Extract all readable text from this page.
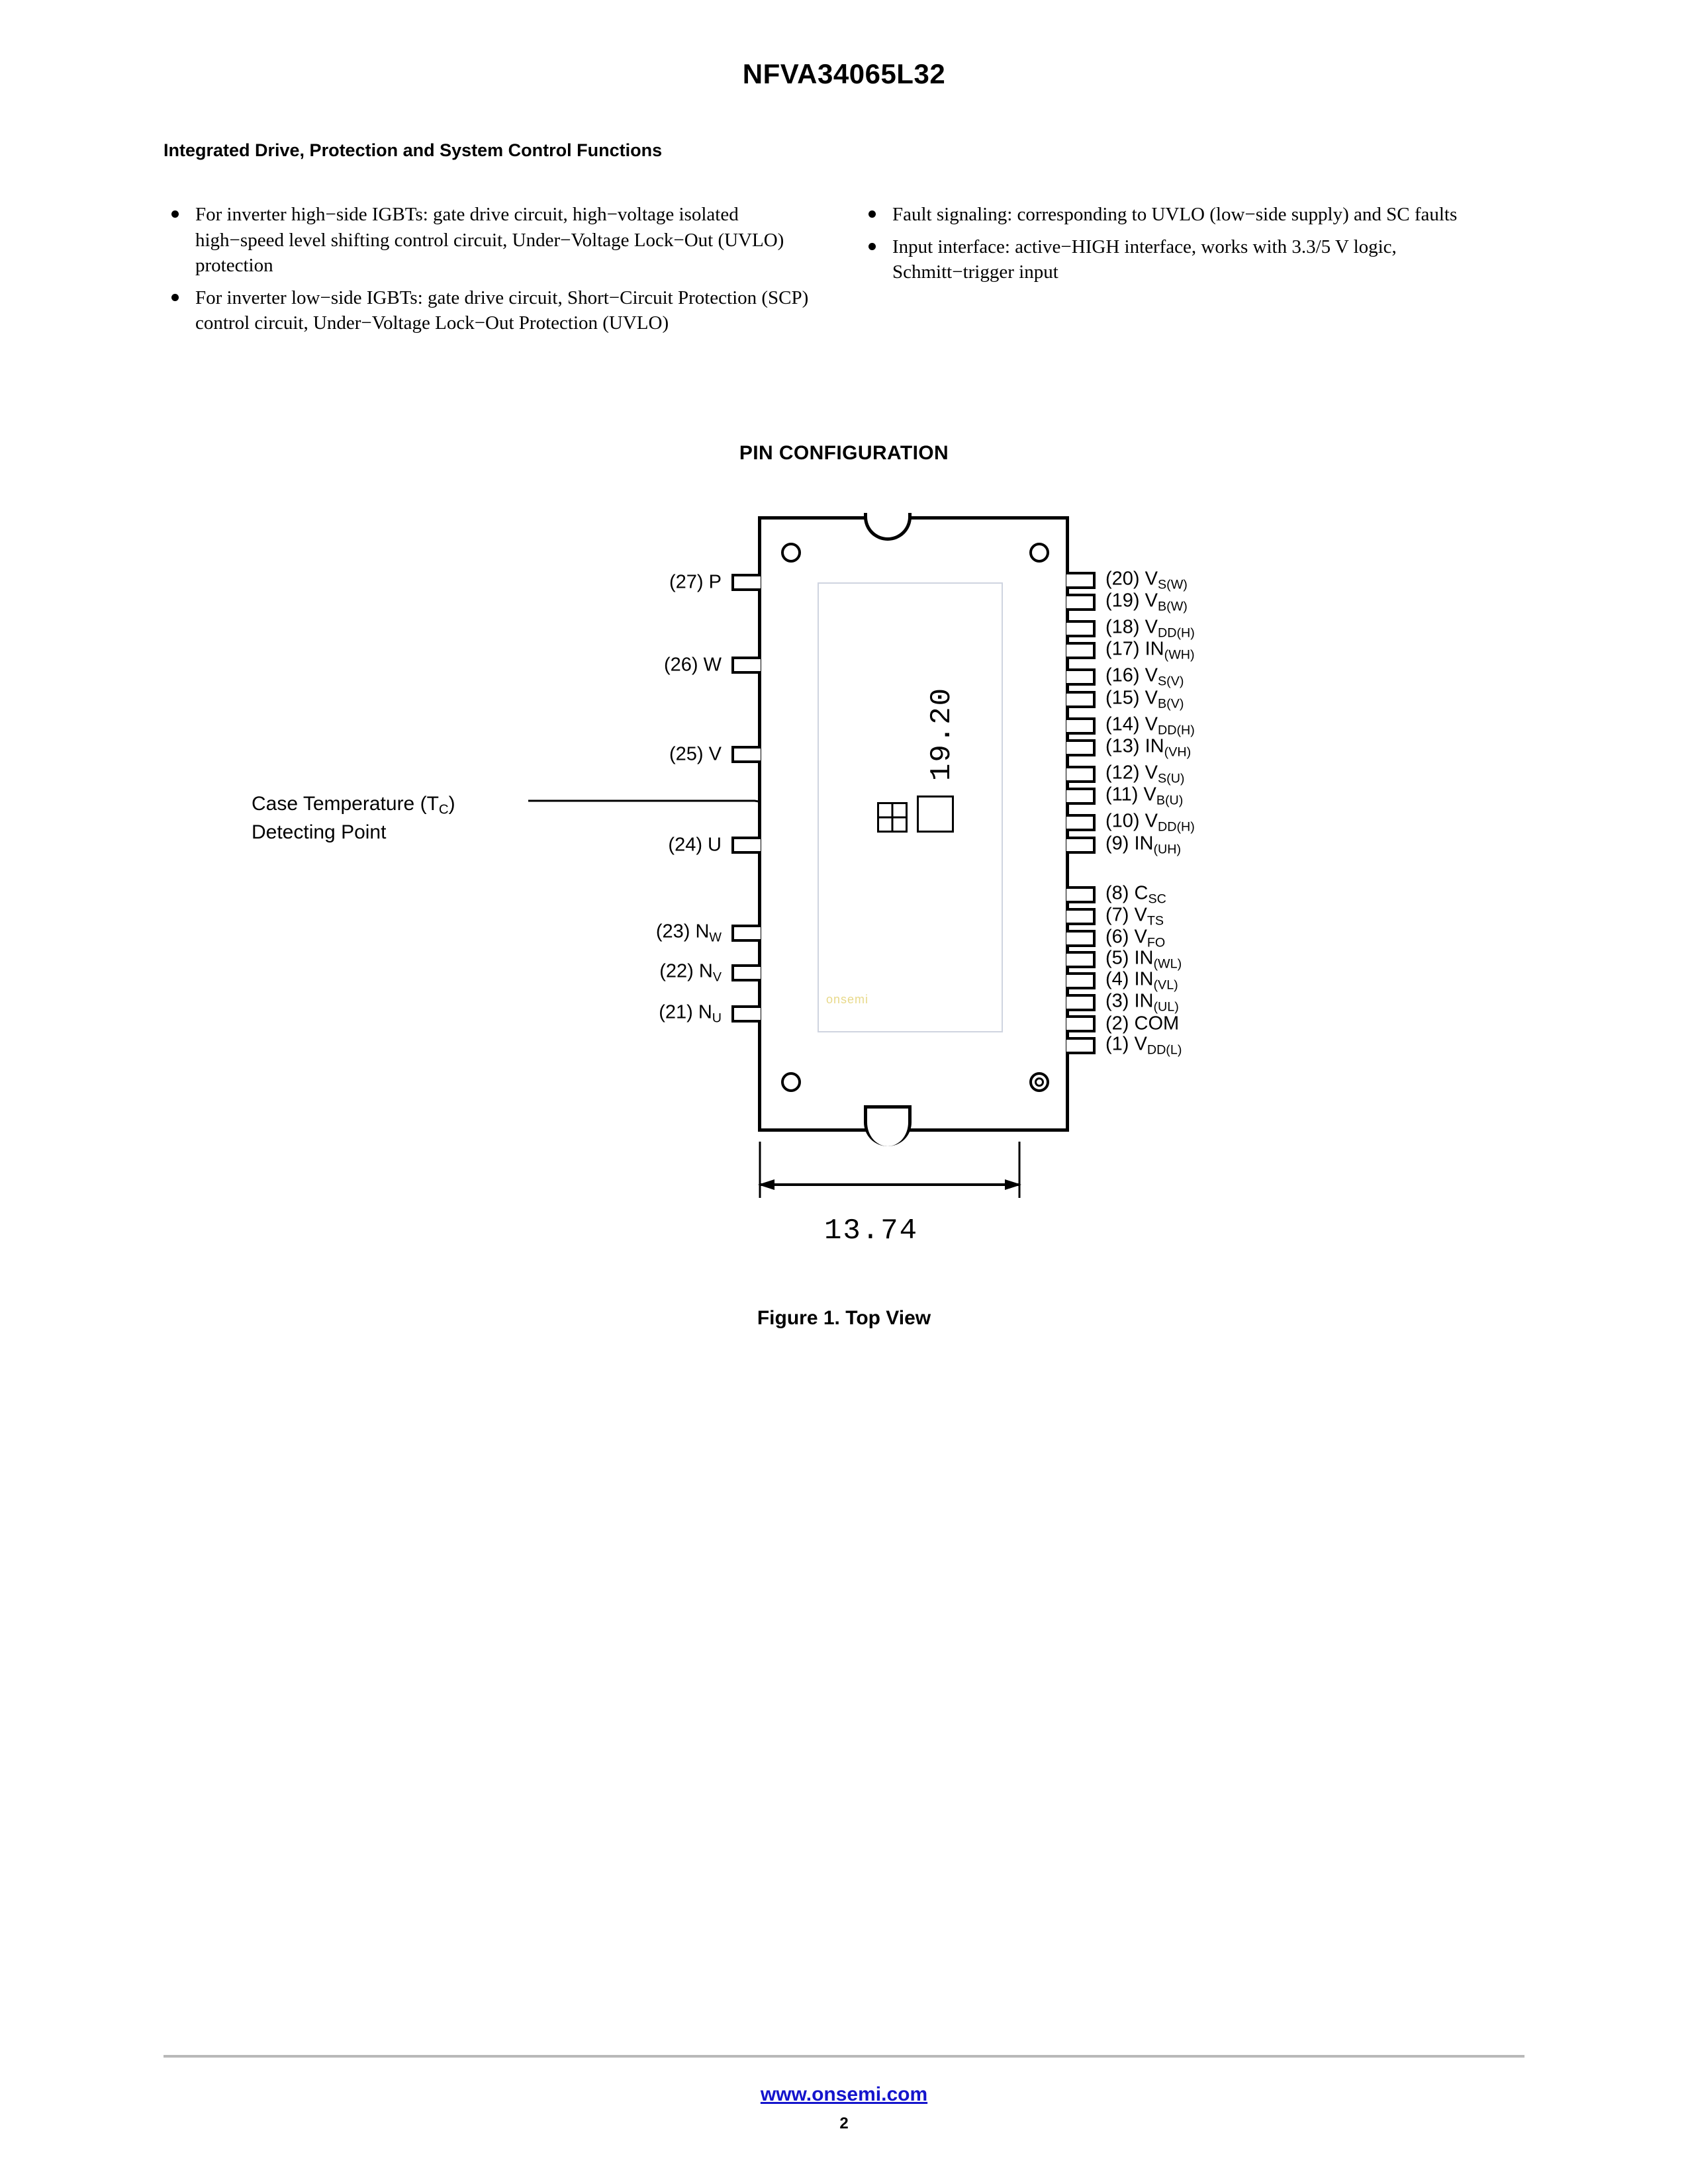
NFVA34065L32
Integrated Drive, Protection and System Control Functions
For inverter high−side IGBTs: gate drive circuit, high−voltage isolated high−speed level shifting control circuit, Under−Voltage Lock−Out (UVLO) protection
For inverter low−side IGBTs: gate drive circuit, Short−Circuit Protection (SCP) control circuit, Under−Voltage Lock−Out Protection (UVLO)
Fault signaling: corresponding to UVLO (low−side supply) and SC faults
Input interface: active−HIGH interface, works with 3.3/5 V logic, Schmitt−trigger input
PIN CONFIGURATION
onsemi
Case Temperature $(T_C)$
Detecting Point
19.20
13.74
(27) P
(26) W
(25) V
(24) U
(23) $N_W$
(22) $N_V$
(21) $N_U$
(20) $V_{S(W)}$
(19) $V_{B(W)}$
(18) $V_{DD(H)}$
(17) $IN_{(WH)}$
(16) $V_{S(V)}$
(15) $V_{B(V)}$
(14) $V_{DD(H)}$
(13) $IN_{(VH)}$
(12) $V_{S(U)}$
(11) $V_{B(U)}$
(10) $V_{DD(H)}$
(9) $IN_{(UH)}$
(8) $C_{SC}$
(7) $V_{TS}$
(6) $V_{FO}$
(5) $IN_{(WL)}$
(4) $IN_{(VL)}$
(3) $IN_{(UL)}$
(2) COM
(1) $V_{DD(L)}$
Figure 1. Top View
www.onsemi.com
2
